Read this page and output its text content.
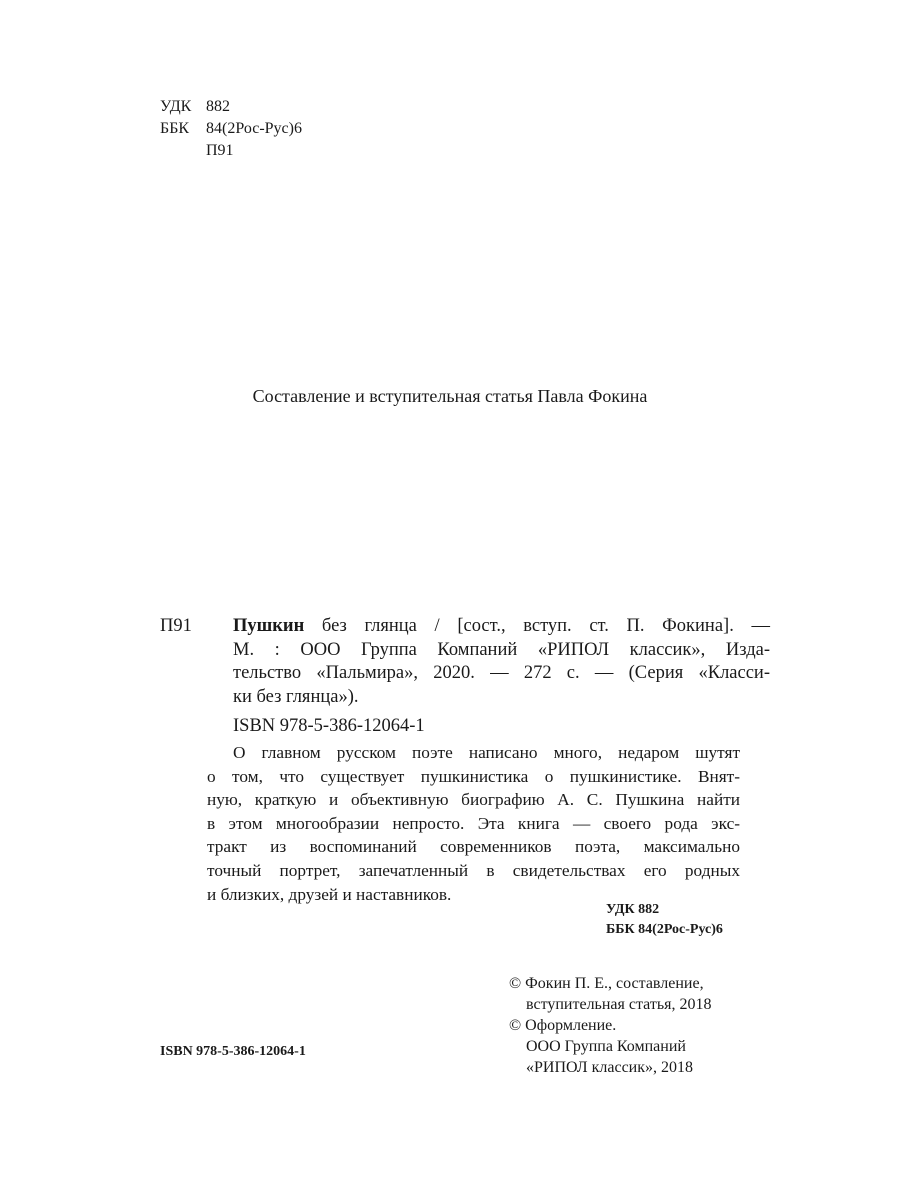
УДК 882
ББК 84(2Рос-Рус)6
П91

Составление и вступительная статья Павла Фокина

П91 Пушкин без глянца / [сост., вступ. ст. П. Фокина]. —
М. : ООО Группа Компаний «РИПОЛ классик», Изда-
тельство «Пальмира», 2020. — 272 с. — (Серия «Класси-
ки без глянца»).
ISBN 978-5-386-12064-1
О главном русском поэте написано много, недаром шутят
о том, что существует пушкинистика о пушкинистике. Внят-
ную, краткую и объективную биографию А. С. Пушкина найти
в этом многообразии непросто. Эта книга — своего рода экс-
тракт из воспоминаний современников поэта, максимально
точный портрет, запечатленный в свидетельствах его родных
и близких, друзей и наставников.
УДК 882
ББК 84(2Рос-Рус)6
© Фокин П. Е., составление,
вступительная статья, 2018
© Оформление.
ООО Группа Компаний
«РИПОЛ классик», 2018
ISBN 978-5-386-12064-1
